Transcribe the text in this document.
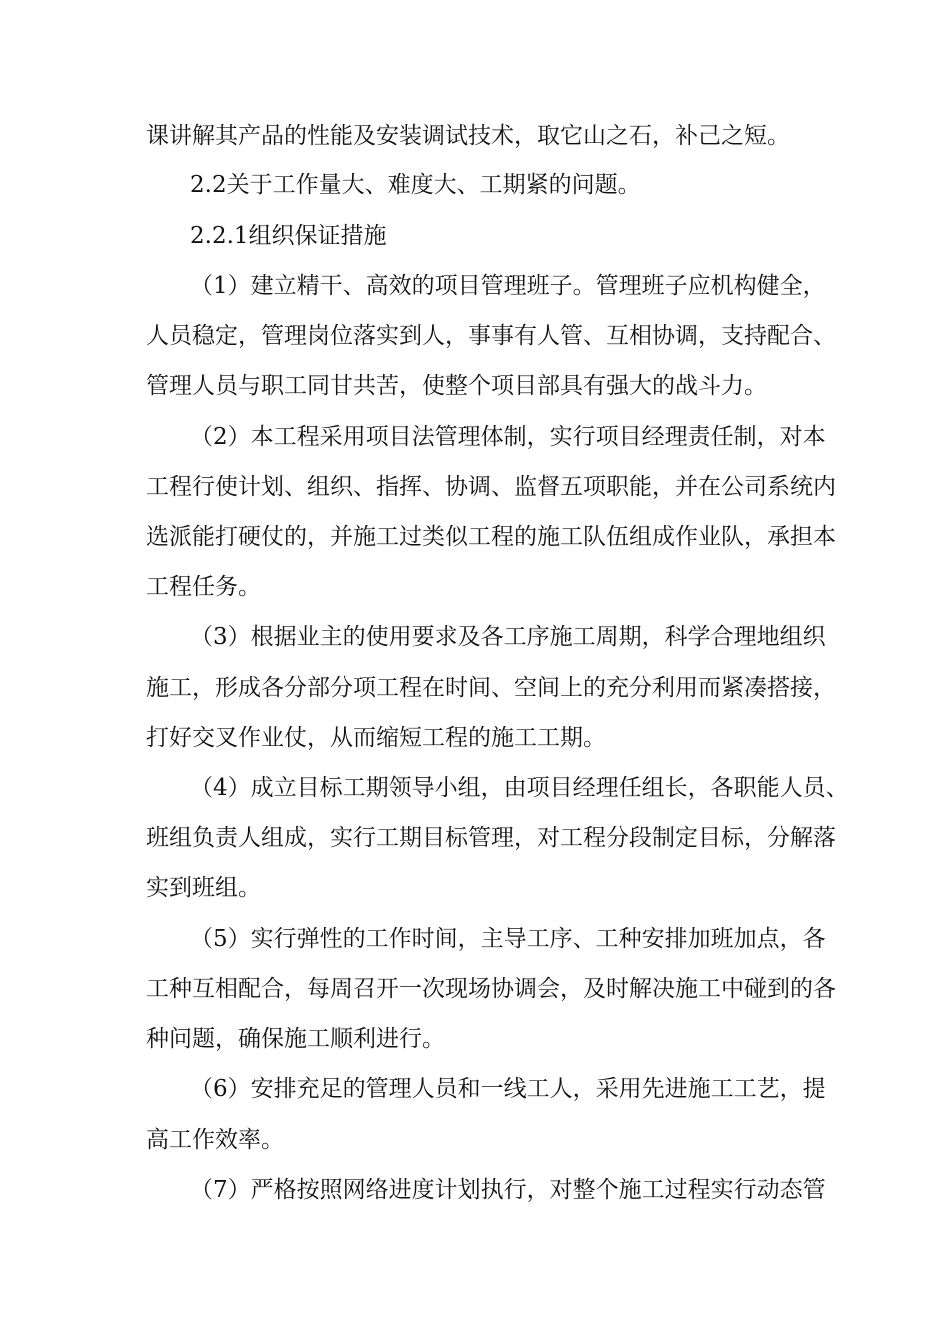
课讲解其产品的性能及安装调试技术，取它山之石，补己之短。
2.2关于工作量大、难度大、工期紧的问题。
2.2.1组织保证措施
（1）建立精干、高效的项目管理班子。管理班子应机构健全，
人员稳定，管理岗位落实到人，事事有人管、互相协调，支持配合、
管理人员与职工同甘共苦，使整个项目部具有强大的战斗力。
（2）本工程采用项目法管理体制，实行项目经理责任制，对本
工程行使计划、组织、指挥、协调、监督五项职能，并在公司系统内
选派能打硬仗的，并施工过类似工程的施工队伍组成作业队，承担本
工程任务。
（3）根据业主的使用要求及各工序施工周期，科学合理地组织
施工，形成各分部分项工程在时间、空间上的充分利用而紧凑搭接，
打好交叉作业仗，从而缩短工程的施工工期。
（4）成立目标工期领导小组，由项目经理任组长，各职能人员、
班组负责人组成，实行工期目标管理，对工程分段制定目标，分解落
实到班组。
（5）实行弹性的工作时间，主导工序、工种安排加班加点，各
工种互相配合，每周召开一次现场协调会，及时解决施工中碰到的各
种问题，确保施工顺利进行。
（6）安排充足的管理人员和一线工人，采用先进施工工艺，提
高工作效率。
（7）严格按照网络进度计划执行，对整个施工过程实行动态管
